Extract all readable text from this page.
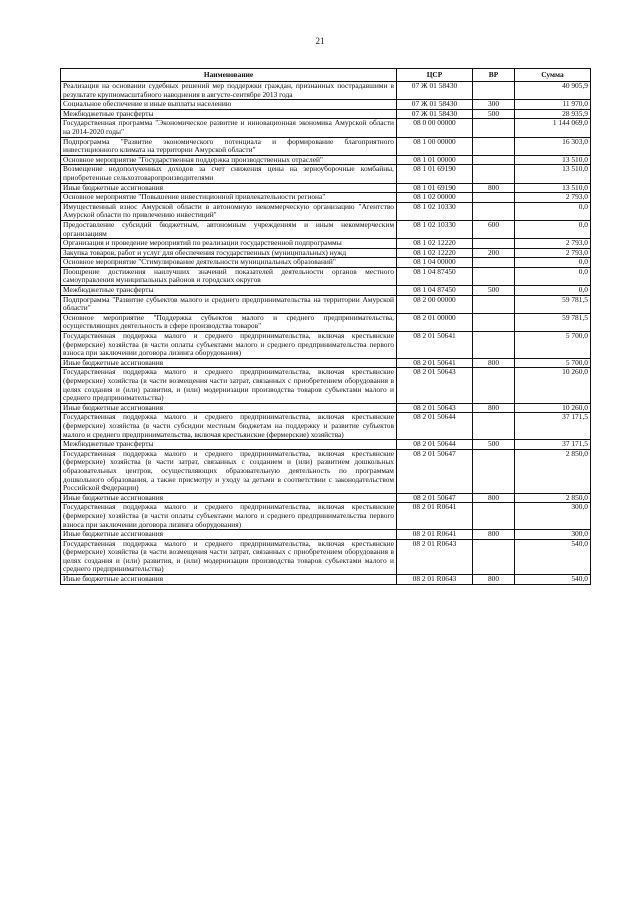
21
Наименование	ЦСР	ВР	Сумма
Реализация на основании судебных решений мер поддержки граждан, признанных пострадавшими в результате крупномасштабного наводнения в августе-сентябре 2013 года	07 Ж 01 58430		40 905,9
Социальное обеспечение и иные выплаты населению	07 Ж 01 58430	300	11 970,0
Межбюджетные трансферты	07 Ж 01 58430	500	28 935,9
Государственная программа "Экономическое развитие и инновационная экономика Амурской области на 2014-2020 годы"	08 0 00 00000		1 144 069,0
Подпрограмма "Развитие экономического потенциала и формирование благоприятного инвестиционного климата на территории Амурской области"	08 1 00 00000		16 303,0
Основное мероприятие "Государственная поддержка производственных отраслей"	08 1 01 00000		13 510,0
Возмещение недополученных доходов за счет снижения цены на зерноуборочные комбайны, приобретенные сельхозтоваропроизводителями	08 1 01 69190		13 510,0
Иные бюджетные ассигнования	08 1 01 69190	800	13 510,0
Основное мероприятие "Повышение инвестиционной привлекательности региона"	08 1 02 00000		2 793,0
Имущественный взнос Амурской области в автономную некоммерческую организацию "Агентство Амурской области по привлечению инвестиций"	08 1 02 10330		0,0
Предоставление субсидий бюджетным, автономным учреждениям и иным некоммерческим организациям	08 1 02 10330	600	0,0
Организация и проведение мероприятий по реализации государственной подпрограммы	08 1 02 12220		2 793,0
Закупка товаров, работ и услуг для обеспечения государственных (муниципальных) нужд	08 1 02 12220	200	2 793,0
Основное мероприятие "Стимулирование деятельности муниципальных образований"	08 1 04 00000		0,0
Поощрение достижения наилучших значений показателей деятельности органов местного самоуправления муниципальных районов и городских округов	08 1 04 87450		0,0
Межбюджетные трансферты	08 1 04 87450	500	0,0
Подпрограмма "Развитие субъектов малого и среднего предпринимательства на территории Амурской области"	08 2 00 00000		59 781,5
Основное мероприятие "Поддержка субъектов малого и среднего предпринимательства, осуществляющих деятельность в сфере производства товаров"	08 2 01 00000		59 781,5
Государственная поддержка малого и среднего предпринимательства, включая крестьянские (фермерские) хозяйства (в части оплаты субъектами малого и среднего предпринимательства первого взноса при заключении договора лизинга оборудования)	08 2 01 50641		5 700,0
Иные бюджетные ассигнования	08 2 01 50641	800	5 700,0
Государственная поддержка малого и среднего предпринимательства, включая крестьянские (фермерские) хозяйства (в части возмещения части затрат, связанных с приобретением оборудования в целях создания и (или) развития, и (или) модернизации производства товаров субъектами малого и среднего предпринимательства)	08 2 01 50643		10 260,0
Иные бюджетные ассигнования	08 2 01 50643	800	10 260,0
Государственная поддержка малого и среднего предпринимательства, включая крестьянские (фермерские) хозяйства (в части субсидии местным бюджетам на поддержку и развитие субъектов малого и среднего предпринимательства, включая крестьянские (фермерские) хозяйства)	08 2 01 50644		37 171,5
Межбюджетные трансферты	08 2 01 50644	500	37 171,5
Государственная поддержка малого и среднего предпринимательства, включая крестьянские (фермерские) хозяйства (в части затрат, связанных с созданием и (или) развитием дошкольных образовательных центров, осуществляющих образовательную деятельность по программам дошкольного образования, а также присмотру и уходу за детьми в соответствии с законодательством Российской Федерации)	08 2 01 50647		2 850,0
Иные бюджетные ассигнования	08 2 01 50647	800	2 850,0
Государственная поддержка малого и среднего предпринимательства, включая крестьянские (фермерские) хозяйства (в части оплаты субъектами малого и среднего предпринимательства первого взноса при заключении договора лизинга оборудования)	08 2 01 R0641		300,0
Иные бюджетные ассигнования	08 2 01 R0641	800	300,0
Государственная поддержка малого и среднего предпринимательства, включая крестьянские (фермерские) хозяйства (в части возмещения части затрат, связанных с приобретением оборудования в целях создания и (или) развития, и (или) модернизации производства товаров субъектами малого и среднего предпринимательства)	08 2 01 R0643		540,0
Иные бюджетные ассигнования	08 2 01 R0643	800	540,0
